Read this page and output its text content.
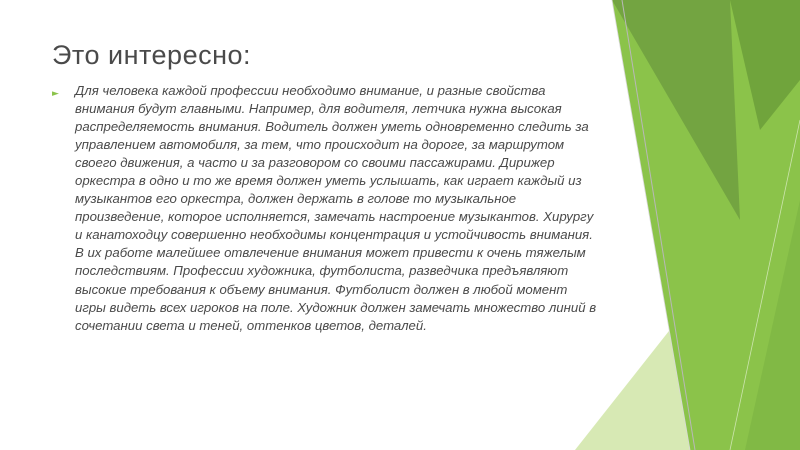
Это интересно:
►	Для человека каждой профессии необходимо внимание, и разные свойства внимания будут главными. Например, для водителя, летчика нужна высокая распределяемость внимания. Водитель должен уметь одновременно следить за управлением автомобиля, за тем, что происходит на дороге, за маршрутом своего движения, а часто и за разговором со своими пассажирами. Дирижер оркестра в одно и то же время должен уметь услышать, как играет каждый из музыкантов его оркестра, должен держать в голове то музыкальное произведение, которое исполняется, замечать настроение музыкантов. Хирургу и канатоходцу совершенно необходимы концентрация и устойчивость внимания. В их работе малейшее отвлечение внимания может привести к очень тяжелым последствиям. Профессии художника, футболиста, разведчика предъявляют высокие требования к объему внимания. Футболист должен в любой момент игры видеть всех игроков на поле. Художник должен замечать множество линий в сочетании света и теней, оттенков цветов, деталей.
